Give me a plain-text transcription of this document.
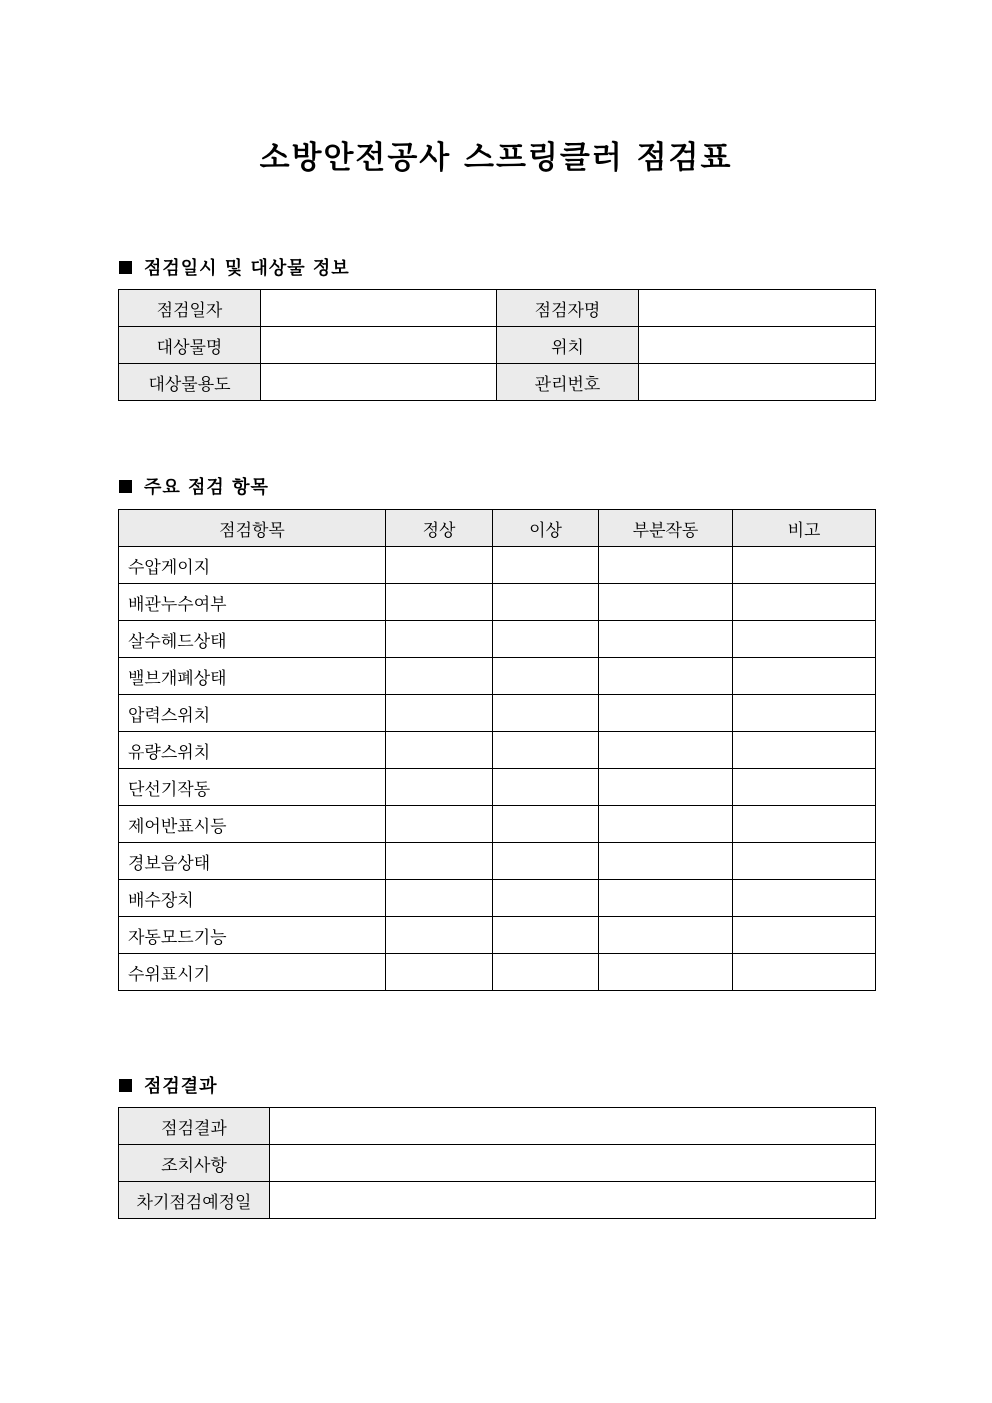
소방안전공사 스프링클러 점검표
점검일시 및 대상물 정보
점검일자		점검자명	
대상물명		위치	
대상물용도		관리번호	
주요 점검 항목
점검항목	정상	이상	부분작동	비고
수압게이지				
배관누수여부				
살수헤드상태				
밸브개폐상태				
압력스위치				
유량스위치				
단선기작동				
제어반표시등				
경보음상태				
배수장치				
자동모드기능				
수위표시기				
점검결과
점검결과	
조치사항	
차기점검예정일	
